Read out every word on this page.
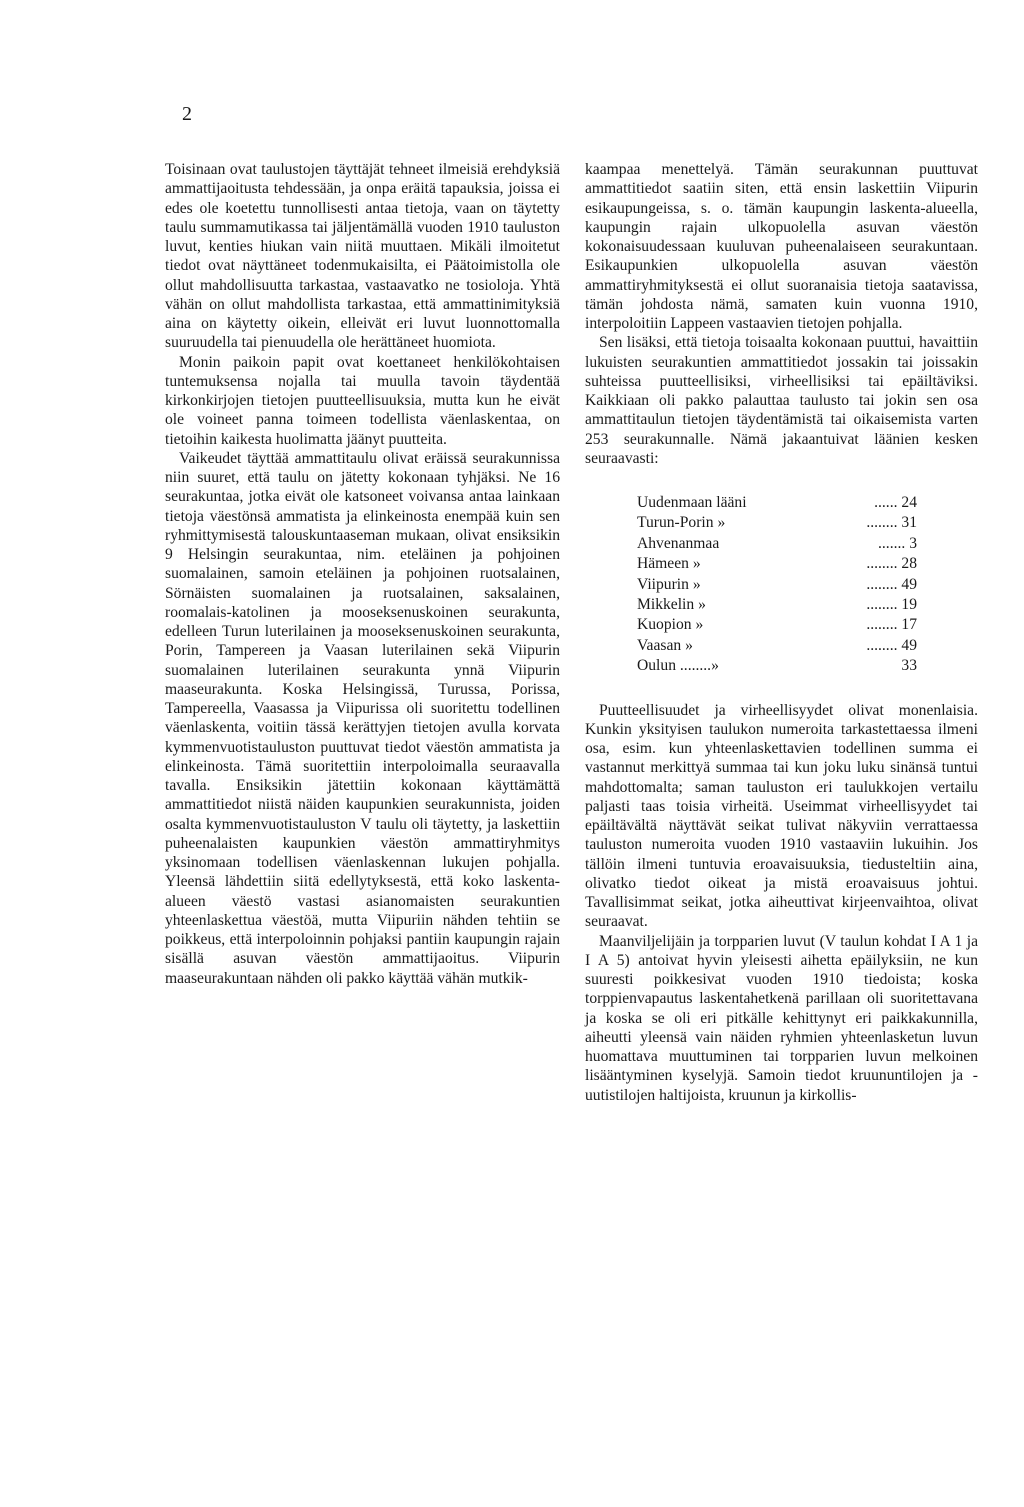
2

Toisinaan ovat taulustojen täyttäjät tehneet ilmeisiä erehdyksiä ammattijaoitusta tehdessään, ja onpa eräitä tapauksia, joissa ei edes ole koetettu tunnollisesti antaa tietoja, vaan on täytetty taulu summamutikassa tai jäljentämällä vuoden 1910 tauluston luvut, kenties hiukan vain niitä muuttaen. Mikäli ilmoitetut tiedot ovat näyttäneet todenmukaisilta, ei Päätoimistolla ole ollut mahdollisuutta tarkastaa, vastaavatko ne tosioloja. Yhtä vähän on ollut mahdollista tarkastaa, että ammattinimityksiä aina on käytetty oikein, elleivät eri luvut luonnottomalla suuruudella tai pienuudella ole herättäneet huomiota.

Monin paikoin papit ovat koettaneet henkilökohtaisen tuntemuksensa nojalla tai muulla tavoin täydentää kirkonkirjojen tietojen puutteellisuuksia, mutta kun he eivät ole voineet panna toimeen todellista väenlaskentaa, on tietoihin kaikesta huolimatta jäänyt puutteita.

Vaikeudet täyttää ammattitaulu olivat eräissä seurakunnissa niin suuret, että taulu on jätetty kokonaan tyhjäksi. Ne 16 seurakuntaa, jotka eivät ole katsoneet voivansa antaa lainkaan tietoja väestönsä ammatista ja elinkeinosta enempää kuin sen ryhmittymisestä talouskuntaaseman mukaan, olivat ensiksikin 9 Helsingin seurakuntaa, nim. eteläinen ja pohjoinen suomalainen, samoin eteläinen ja pohjoinen ruotsalainen, Sörnäisten suomalainen ja ruotsalainen, saksalainen, roomalais-katolinen ja mooseksenuskoinen seurakunta, edelleen Turun luterilainen ja mooseksenuskoinen seurakunta, Porin, Tampereen ja Vaasan luterilainen sekä Viipurin suomalainen luterilainen seurakunta ynnä Viipurin maaseurakunta. Koska Helsingissä, Turussa, Porissa, Tampereella, Vaasassa ja Viipurissa oli suoritettu todellinen väenlaskenta, voitiin tässä kerättyjen tietojen avulla korvata kymmenvuotistauluston puuttuvat tiedot väestön ammatista ja elinkeinosta. Tämä suoritettiin interpoloimalla seuraavalla tavalla. Ensiksikin jätettiin kokonaan käyttämättä ammattitiedot niistä näiden kaupunkien seurakunnista, joiden osalta kymmenvuotistauluston V taulu oli täytetty, ja laskettiin puheenalaisten kaupunkien väestön ammattiryhmitys yksinomaan todellisen väenlaskennan lukujen pohjalla. Yleensä lähdettiin siitä edellytyksestä, että koko laskenta-alueen väestö vastasi asianomaisten seurakuntien yhteenlaskettua väestöä, mutta Viipuriin nähden tehtiin se poikkeus, että interpoloinnin pohjaksi pantiin kaupungin rajain sisällä asuvan väestön ammattijaoitus. Viipurin maaseurakuntaan nähden oli pakko käyttää vähän mutkik-

kaampaa menettelyä. Tämän seurakunnan puuttuvat ammattitiedot saatiin siten, että ensin laskettiin Viipurin esikaupungeissa, s. o. tämän kaupungin laskenta-alueella, kaupungin rajain ulkopuolella asuvan väestön kokonaisuudessaan kuuluvan puheenalaiseen seurakuntaan. Esikaupunkien ulkopuolella asuvan väestön ammattiryhmityksestä ei ollut suoranaisia tietoja saatavissa, tämän johdosta nämä, samaten kuin vuonna 1910, interpoloitiin Lappeen vastaavien tietojen pohjalla.

Sen lisäksi, että tietoja toisaalta kokonaan puuttui, havaittiin lukuisten seurakuntien ammattitiedot jossakin tai joissakin suhteissa puutteellisiksi, virheellisiksi tai epäiltäviksi. Kaikkiaan oli pakko palauttaa taulusto tai jokin sen osa ammattitaulun tietojen täydentämistä tai oikaisemista varten 253 seurakunnalle. Nämä jakaantuivat läänien kesken seuraavasti:

Uudenmaan lääni	...... 24
Turun-Porin »	........ 31
Ahvenanmaa	....... 3
Hämeen »	........ 28
Viipurin »	........ 49
Mikkelin »	........ 19
Kuopion »	........ 17
Vaasan »	........ 49
Oulun ........»	33

Puutteellisuudet ja virheellisyydet olivat monenlaisia. Kunkin yksityisen taulukon numeroita tarkastettaessa ilmeni osa, esim. kun yhteenlaskettavien todellinen summa ei vastannut merkittyä summaa tai kun joku luku sinänsä tuntui mahdottomalta; saman tauluston eri taulukkojen vertailu paljasti taas toisia virheitä. Useimmat virheellisyydet tai epäiltävältä näyttävät seikat tulivat näkyviin verrattaessa tauluston numeroita vuoden 1910 vastaaviin lukuihin. Jos tällöin ilmeni tuntuvia eroavaisuuksia, tiedusteltiin aina, olivatko tiedot oikeat ja mistä eroavaisuus johtui. Tavallisimmat seikat, jotka aiheuttivat kirjeenvaihtoa, olivat seuraavat.

Maanviljelijäin ja torpparien luvut (V taulun kohdat I A 1 ja I A 5) antoivat hyvin yleisesti aihetta epäilyksiin, ne kun suuresti poikkesivat vuoden 1910 tiedoista; koska torppienvapautus laskentahetkenä parillaan oli suoritettavana ja koska se oli eri pitkälle kehittynyt eri paikkakunnilla, aiheutti yleensä vain näiden ryhmien yhteenlasketun luvun huomattava muuttuminen tai torpparien luvun melkoinen lisääntyminen kyselyjä. Samoin tiedot kruununtilojen ja -uutistilojen haltijoista, kruunun ja kirkollis-
